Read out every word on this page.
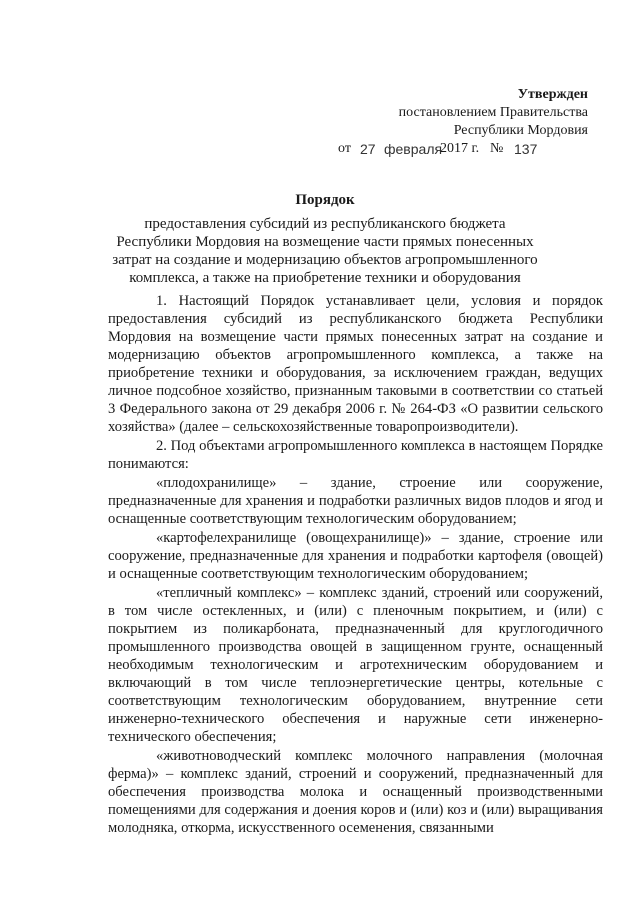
Утвержден
постановлением Правительства
Республики Мордовия
от 27 февраля
2017 г. № 137
Порядок
предоставления субсидий из республиканского бюджета Республики Мордовия на возмещение части прямых понесенных затрат на создание и модернизацию объектов агропромышленного комплекса, а также на приобретение техники и оборудования

1. Настоящий Порядок устанавливает цели, условия и порядок предоставления субсидий из республиканского бюджета Республики Мордовия на возмещение части прямых понесенных затрат на создание и модернизацию объектов агропромышленного комплекса, а также на приобретение техники и оборудования, за исключением граждан, ведущих личное подсобное хозяйство, признанным таковыми в соответствии со статьей 3 Федерального закона от 29 декабря 2006 г. № 264-ФЗ «О развитии сельского хозяйства» (далее – сельскохозяйственные товаропроизводители).

2. Под объектами агропромышленного комплекса в настоящем Порядке понимаются:

«плодохранилище» – здание, строение или сооружение, предназначенные для хранения и подработки различных видов плодов и ягод и оснащенные соответствующим технологическим оборудованием;

«картофелехранилище (овощехранилище)» – здание, строение или сооружение, предназначенные для хранения и подработки картофеля (овощей) и оснащенные соответствующим технологическим оборудованием;

«тепличный комплекс» – комплекс зданий, строений или сооружений, в том числе остекленных, и (или) с пленочным покрытием, и (или) с покрытием из поликарбоната, предназначенный для круглогодичного промышленного производства овощей в защищенном грунте, оснащенный необходимым технологическим и агротехническим оборудованием и включающий в том числе теплоэнергетические центры, котельные с соответствующим технологическим оборудованием, внутренние сети инженерно-технического обеспечения и наружные сети инженерно-технического обеспечения;

«животноводческий комплекс молочного направления (молочная ферма)» – комплекс зданий, строений и сооружений, предназначенный для обеспечения производства молока и оснащенный производственными помещениями для содержания и доения коров и (или) коз и (или) выращивания молодняка, откорма, искусственного осеменения, связанными
